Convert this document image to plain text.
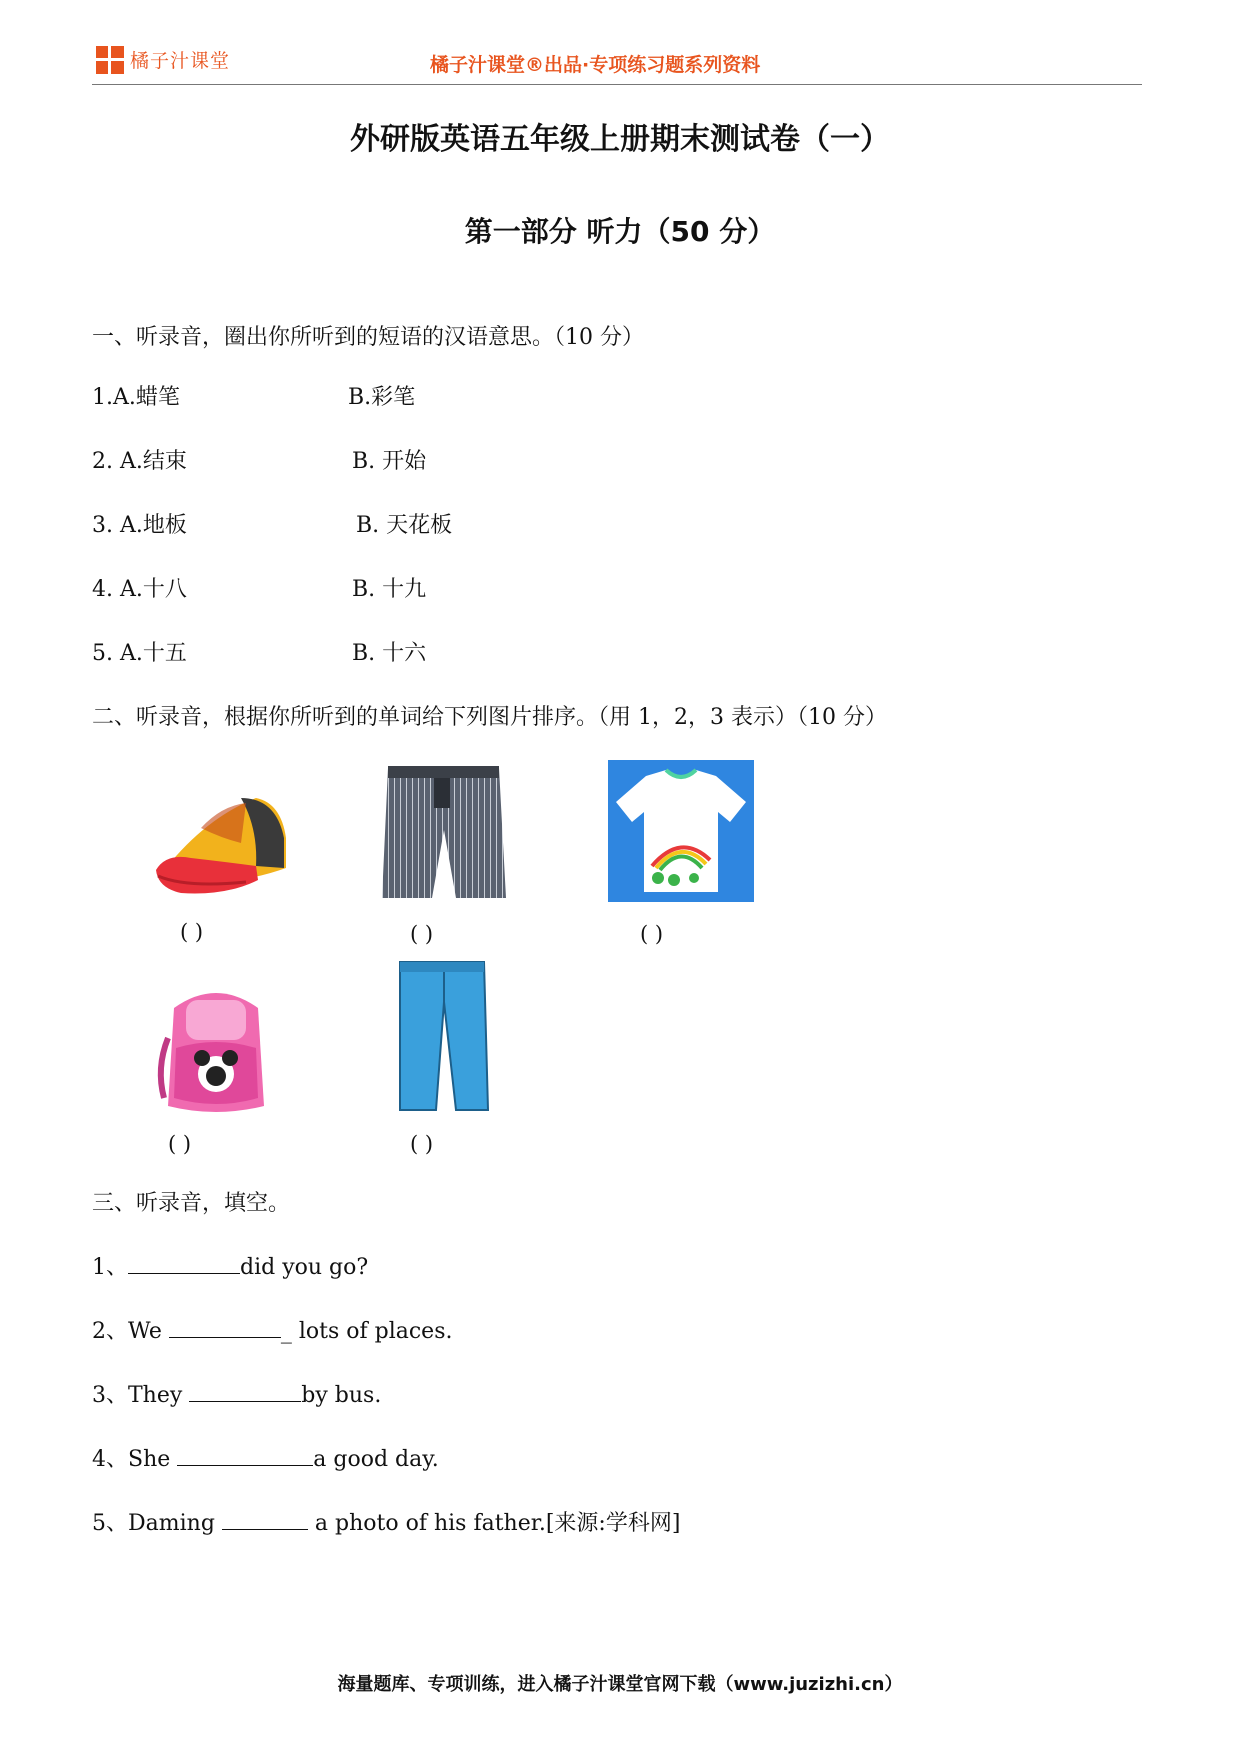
橘子汁课堂	橘子汁课堂®出品·专项练习题系列资料
外研版英语五年级上册期末测试卷（一）
第一部分 听力（50 分）
一、听录音，圈出你所听到的短语的汉语意思。（10 分）
1.A.蜡笔	B.彩笔
2. A.结束	B. 开始
3. A.地板	B. 天花板
4. A.十八	B. 十九
5. A.十五	B. 十六
二、听录音，根据你所听到的单词给下列图片排序。（用 1，2，3 表示）（10 分）
( )	( )	( )
( )	( )
三、听录音，填空。
1、	did you go?
2、We	_ lots of places.
3、They	by bus.
4、She	a good day.
5、Daming	a photo of his father.[来源:学科网]
海量题库、专项训练，进入橘子汁课堂官网下载（www.juzizhi.cn）
